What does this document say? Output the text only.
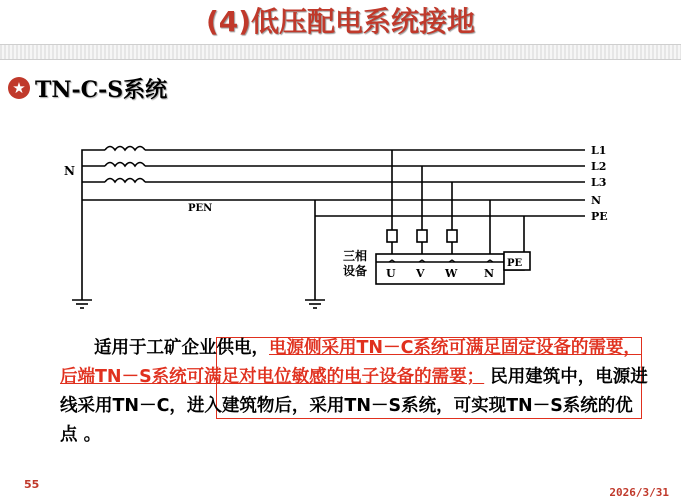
(4)低压配电系统接地
★ TN-C-S系统
N
L1
L2
L3
N
PE
PEN
三相
设备 U V W N
PE
适用于工矿企业供电，电源侧采用TN－C系统可满足固定设备的需要，后端TN－S系统可满足对电位敏感的电子设备的需要； 民用建筑中，电源进线采用TN－C，进入建筑物后，采用TN－S系统，可实现TN－S系统的优点 。
55
2026/3/31
